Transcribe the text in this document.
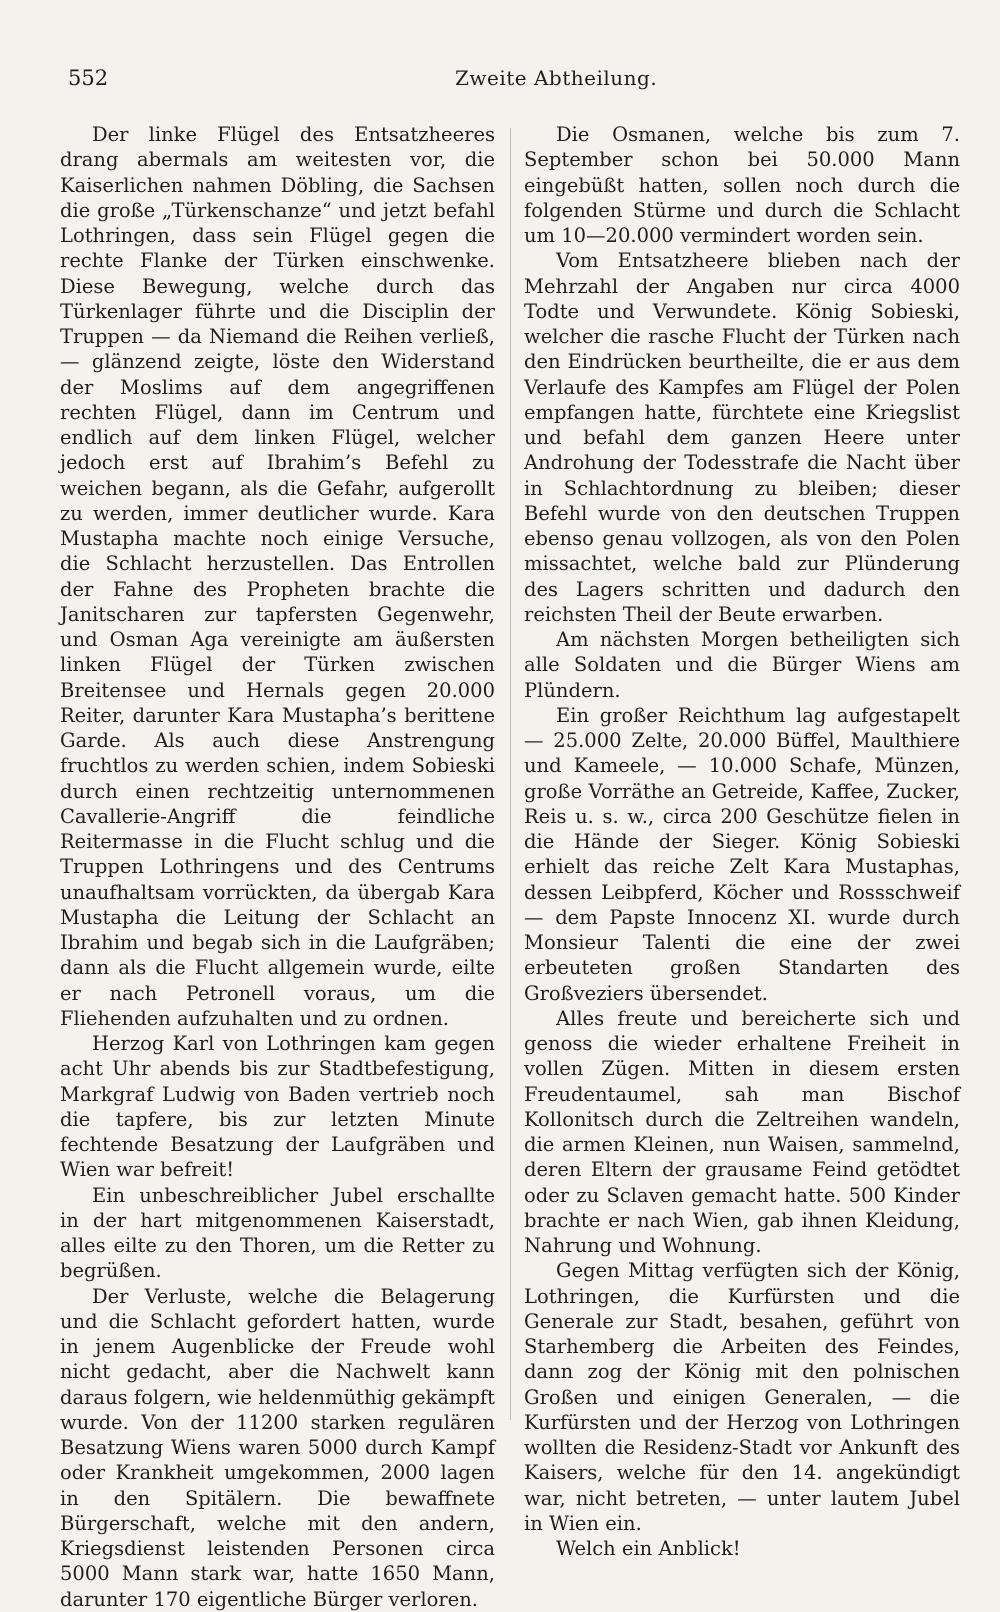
552	Zweite Abtheilung.

Der linke Flügel des Entsatzheeres drang abermals am weitesten vor, die Kaiserlichen nahmen Döbling, die Sachsen die große „Türkenschanze“ und jetzt befahl Lothringen, dass sein Flügel gegen die rechte Flanke der Türken einschwenke. Diese Bewegung, welche durch das Türkenlager führte und die Disciplin der Truppen — da Niemand die Reihen verließ, — glänzend zeigte, löste den Widerstand der Moslims auf dem angegriffenen rechten Flügel, dann im Centrum und endlich auf dem linken Flügel, welcher jedoch erst auf Ibrahim’s Befehl zu weichen begann, als die Gefahr, aufgerollt zu werden, immer deutlicher wurde. Kara Mustapha machte noch einige Versuche, die Schlacht herzustellen. Das Entrollen der Fahne des Propheten brachte die Janitscharen zur tapfersten Gegenwehr, und Osman Aga vereinigte am äußersten linken Flügel der Türken zwischen Breitensee und Hernals gegen 20.000 Reiter, darunter Kara Mustapha’s berittene Garde. Als auch diese Anstrengung fruchtlos zu werden schien, indem Sobieski durch einen rechtzeitig unternommenen Cavallerie-Angriff die feindliche Reitermasse in die Flucht schlug und die Truppen Lothringens und des Centrums unaufhaltsam vorrückten, da übergab Kara Mustapha die Leitung der Schlacht an Ibrahim und begab sich in die Laufgräben; dann als die Flucht allgemein wurde, eilte er nach Petronell voraus, um die Fliehenden aufzuhalten und zu ordnen.

Herzog Karl von Lothringen kam gegen acht Uhr abends bis zur Stadtbefestigung, Markgraf Ludwig von Baden vertrieb noch die tapfere, bis zur letzten Minute fechtende Besatzung der Laufgräben und Wien war befreit!

Ein unbeschreiblicher Jubel erschallte in der hart mitgenommenen Kaiserstadt, alles eilte zu den Thoren, um die Retter zu begrüßen.

Der Verluste, welche die Belagerung und die Schlacht gefordert hatten, wurde in jenem Augenblicke der Freude wohl nicht gedacht, aber die Nachwelt kann daraus folgern, wie heldenmüthig gekämpft wurde. Von der 11200 starken regulären Besatzung Wiens waren 5000 durch Kampf oder Krankheit umgekommen, 2000 lagen in den Spitälern. Die bewaffnete Bürgerschaft, welche mit den andern, Kriegsdienst leistenden Personen circa 5000 Mann stark war, hatte 1650 Mann, darunter 170 eigentliche Bürger verloren.

Die Osmanen, welche bis zum 7. September schon bei 50.000 Mann eingebüßt hatten, sollen noch durch die folgenden Stürme und durch die Schlacht um 10—20.000 vermindert worden sein.

Vom Entsatzheere blieben nach der Mehrzahl der Angaben nur circa 4000 Todte und Verwundete. König Sobieski, welcher die rasche Flucht der Türken nach den Eindrücken beurtheilte, die er aus dem Verlaufe des Kampfes am Flügel der Polen empfangen hatte, fürchtete eine Kriegslist und befahl dem ganzen Heere unter Androhung der Todesstrafe die Nacht über in Schlachtordnung zu bleiben; dieser Befehl wurde von den deutschen Truppen ebenso genau vollzogen, als von den Polen missachtet, welche bald zur Plünderung des Lagers schritten und dadurch den reichsten Theil der Beute erwarben.

Am nächsten Morgen betheiligten sich alle Soldaten und die Bürger Wiens am Plündern.

Ein großer Reichthum lag aufgestapelt — 25.000 Zelte, 20.000 Büffel, Maulthiere und Kameele, — 10.000 Schafe, Münzen, große Vorräthe an Getreide, Kaffee, Zucker, Reis u. s. w., circa 200 Geschütze fielen in die Hände der Sieger. König Sobieski erhielt das reiche Zelt Kara Mustaphas, dessen Leibpferd, Köcher und Rossschweif — dem Papste Innocenz XI. wurde durch Monsieur Talenti die eine der zwei erbeuteten großen Standarten des Großveziers übersendet.

Alles freute und bereicherte sich und genoss die wieder erhaltene Freiheit in vollen Zügen. Mitten in diesem ersten Freudentaumel, sah man Bischof Kollonitsch durch die Zeltreihen wandeln, die armen Kleinen, nun Waisen, sammelnd, deren Eltern der grausame Feind getödtet oder zu Sclaven gemacht hatte. 500 Kinder brachte er nach Wien, gab ihnen Kleidung, Nahrung und Wohnung.

Gegen Mittag verfügten sich der König, Lothringen, die Kurfürsten und die Generale zur Stadt, besahen, geführt von Starhemberg die Arbeiten des Feindes, dann zog der König mit den polnischen Großen und einigen Generalen, — die Kurfürsten und der Herzog von Lothringen wollten die Residenz-Stadt vor Ankunft des Kaisers, welche für den 14. angekündigt war, nicht betreten, — unter lautem Jubel in Wien ein.

Welch ein Anblick!
